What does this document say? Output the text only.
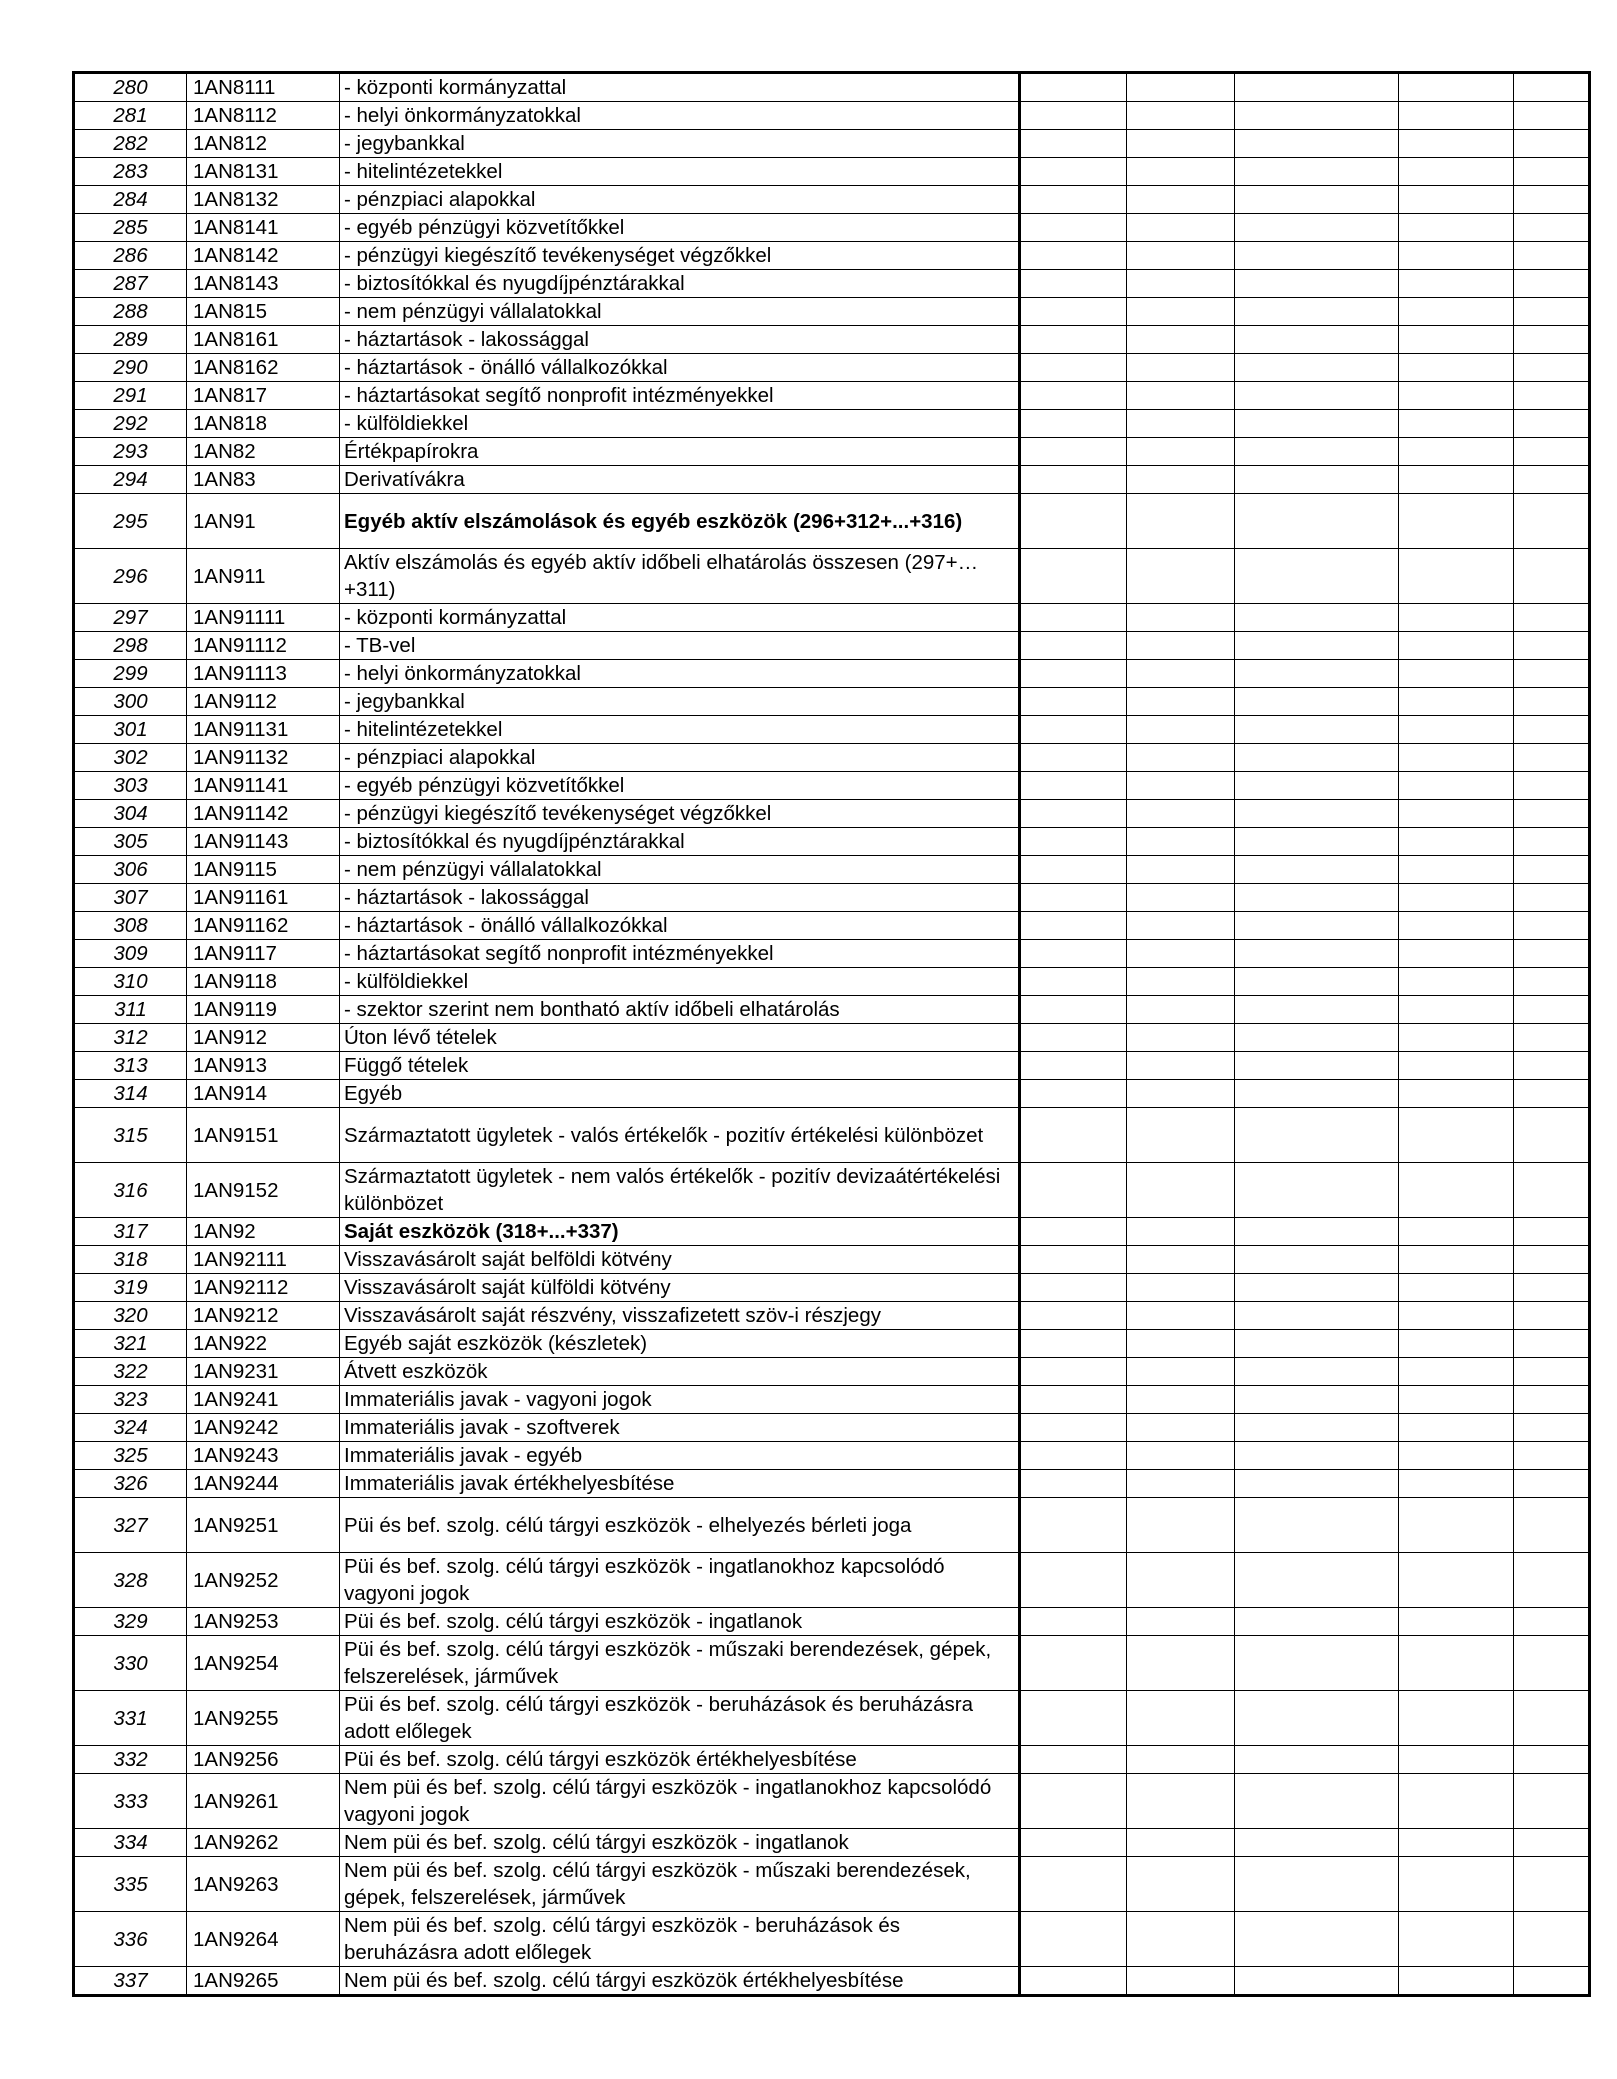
280	1AN8111	- központi kormányzattal					
281	1AN8112	- helyi önkormányzatokkal					
282	1AN812	- jegybankkal					
283	1AN8131	- hitelintézetekkel					
284	1AN8132	- pénzpiaci alapokkal					
285	1AN8141	- egyéb pénzügyi közvetítőkkel					
286	1AN8142	- pénzügyi kiegészítő tevékenységet végzőkkel					
287	1AN8143	- biztosítókkal és nyugdíjpénztárakkal					
288	1AN815	- nem pénzügyi vállalatokkal					
289	1AN8161	- háztartások - lakossággal					
290	1AN8162	- háztartások - önálló vállalkozókkal					
291	1AN817	- háztartásokat segítő nonprofit intézményekkel					
292	1AN818	- külföldiekkel					
293	1AN82	Értékpapírokra					
294	1AN83	Derivatívákra					
295	1AN91	Egyéb aktív elszámolások és egyéb eszközök (296+312+...+316)					
296	1AN911	Aktív elszámolás és egyéb aktív időbeli elhatárolás összesen (297+…+311)					
297	1AN91111	- központi kormányzattal					
298	1AN91112	- TB-vel					
299	1AN91113	- helyi önkormányzatokkal					
300	1AN9112	- jegybankkal					
301	1AN91131	- hitelintézetekkel					
302	1AN91132	- pénzpiaci alapokkal					
303	1AN91141	- egyéb pénzügyi közvetítőkkel					
304	1AN91142	- pénzügyi kiegészítő tevékenységet végzőkkel					
305	1AN91143	- biztosítókkal és nyugdíjpénztárakkal					
306	1AN9115	- nem pénzügyi vállalatokkal					
307	1AN91161	- háztartások - lakossággal					
308	1AN91162	- háztartások - önálló vállalkozókkal					
309	1AN9117	- háztartásokat segítő nonprofit intézményekkel					
310	1AN9118	- külföldiekkel					
311	1AN9119	- szektor szerint nem bontható aktív időbeli elhatárolás					
312	1AN912	Úton lévő tételek					
313	1AN913	Függő tételek					
314	1AN914	Egyéb					
315	1AN9151	Származtatott ügyletek - valós értékelők - pozitív értékelési különbözet					
316	1AN9152	Származtatott ügyletek - nem valós értékelők - pozitív devizaátértékelési különbözet					
317	1AN92	Saját eszközök (318+...+337)					
318	1AN92111	Visszavásárolt saját belföldi kötvény					
319	1AN92112	Visszavásárolt saját külföldi kötvény					
320	1AN9212	Visszavásárolt saját részvény, visszafizetett szöv-i részjegy					
321	1AN922	Egyéb saját eszközök (készletek)					
322	1AN9231	Átvett eszközök					
323	1AN9241	Immateriális javak - vagyoni jogok					
324	1AN9242	Immateriális javak - szoftverek					
325	1AN9243	Immateriális javak - egyéb					
326	1AN9244	Immateriális javak értékhelyesbítése					
327	1AN9251	Püi és bef. szolg. célú tárgyi eszközök - elhelyezés bérleti joga					
328	1AN9252	Püi és bef. szolg. célú tárgyi eszközök - ingatlanokhoz kapcsolódó vagyoni jogok					
329	1AN9253	Püi és bef. szolg. célú tárgyi eszközök - ingatlanok					
330	1AN9254	Püi és bef. szolg. célú tárgyi eszközök - műszaki berendezések, gépek, felszerelések, járművek					
331	1AN9255	Püi és bef. szolg. célú tárgyi eszközök - beruházások és beruházásra adott előlegek					
332	1AN9256	Püi és bef. szolg. célú tárgyi eszközök értékhelyesbítése					
333	1AN9261	Nem püi és bef. szolg. célú tárgyi eszközök - ingatlanokhoz kapcsolódó vagyoni jogok					
334	1AN9262	Nem püi és bef. szolg. célú tárgyi eszközök - ingatlanok					
335	1AN9263	Nem püi és bef. szolg. célú tárgyi eszközök - műszaki berendezések, gépek, felszerelések, járművek					
336	1AN9264	Nem püi és bef. szolg. célú tárgyi eszközök - beruházások és beruházásra adott előlegek					
337	1AN9265	Nem püi és bef. szolg. célú tárgyi eszközök értékhelyesbítése					
